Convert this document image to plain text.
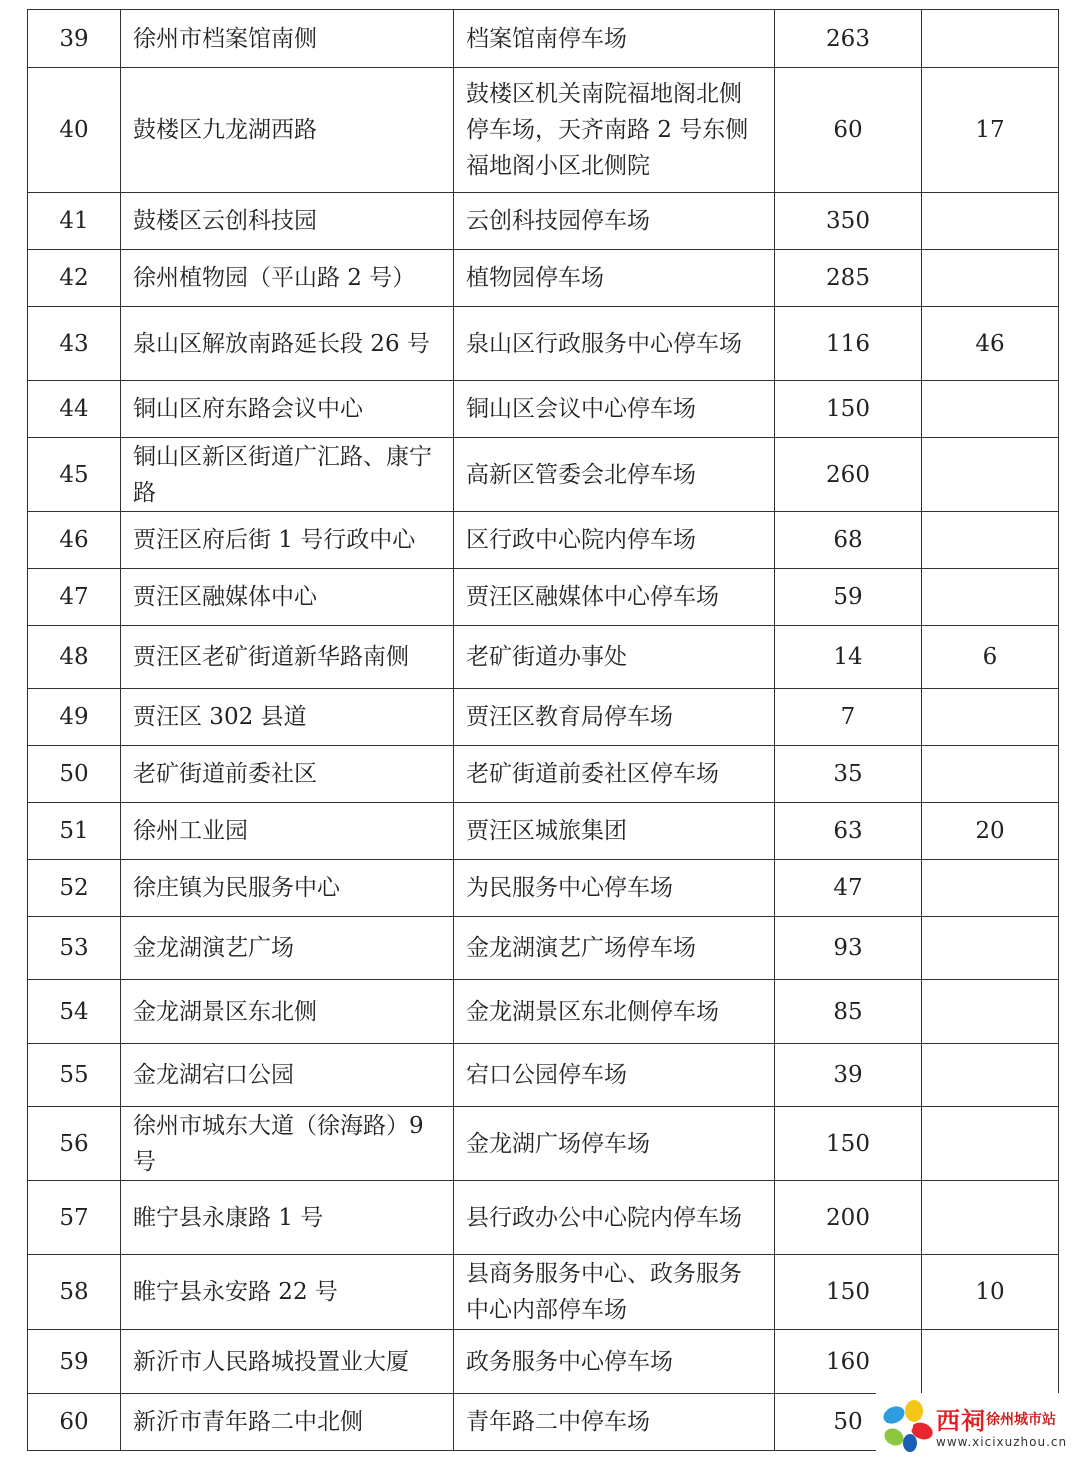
39	徐州市档案馆南侧	档案馆南停车场	263	
40	鼓楼区九龙湖西路	鼓楼区机关南院福地阁北侧停车场，天齐南路 2 号东侧福地阁小区北侧院	60	17
41	鼓楼区云创科技园	云创科技园停车场	350	
42	徐州植物园（平山路 2 号）	植物园停车场	285	
43	泉山区解放南路延长段 26 号	泉山区行政服务中心停车场	116	46
44	铜山区府东路会议中心	铜山区会议中心停车场	150	
45	铜山区新区街道广汇路、康宁路	高新区管委会北停车场	260	
46	贾汪区府后街 1 号行政中心	区行政中心院内停车场	68	
47	贾汪区融媒体中心	贾汪区融媒体中心停车场	59	
48	贾汪区老矿街道新华路南侧	老矿街道办事处	14	6
49	贾汪区 302 县道	贾汪区教育局停车场	7	
50	老矿街道前委社区	老矿街道前委社区停车场	35	
51	徐州工业园	贾汪区城旅集团	63	20
52	徐庄镇为民服务中心	为民服务中心停车场	47	
53	金龙湖演艺广场	金龙湖演艺广场停车场	93	
54	金龙湖景区东北侧	金龙湖景区东北侧停车场	85	
55	金龙湖宕口公园	宕口公园停车场	39	
56	徐州市城东大道（徐海路）9 号	金龙湖广场停车场	150	
57	睢宁县永康路 1 号	县行政办公中心院内停车场	200	
58	睢宁县永安路 22 号	县商务服务中心、政务服务中心内部停车场	150	10
59	新沂市人民路城投置业大厦	政务服务中心停车场	160	
60	新沂市青年路二中北侧	青年路二中停车场	50		西祠 徐州城市站
www.xicixuzhou.cn
